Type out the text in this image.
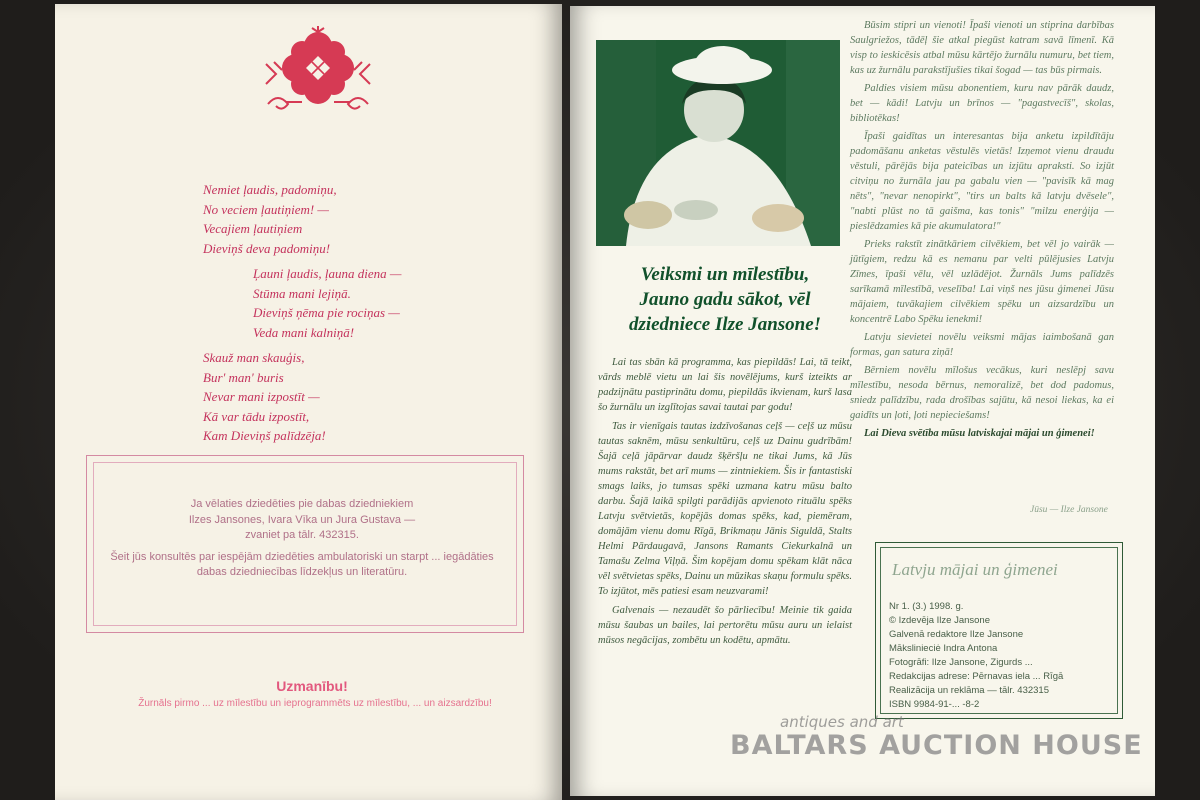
Nemiet ļaudis, padomiņu,
No veciem ļautiņiem! —
Vecajiem ļautiņiem
Dieviņš deva padomiņu!
Ļauni ļaudis, ļauna diena —
Stūma mani lejiņā.
Dieviņš ņēma pie rociņas —
Veda mani kalniņā!
Skauž man skauģis,
Bur' man' buris
Nevar mani izpostīt —
Kā var tādu izpostīt,
Kam Dieviņš palīdzēja!
Ja vēlaties dziedēties pie dabas dziedniekiem
Ilzes Jansones, Ivara Vīka un Jura Gustava —
zvaniet pa tālr. 432315.
Šeit jūs konsultēs par iespējām dziedēties ambulatoriski un starpt ... iegādāties dabas dziedniecības līdzekļus un literatūru.
Uzmanību!
Žurnāls pirmo ... uz mīlestību un ieprogrammēts uz mīlestību, ... un aizsardzību!
Veiksmi un mīlestību,
Jauno gadu sākot, vēl
dziedniece Ilze Jansone!

Lai tas sbān kā programma, kas piepildās! Lai, tā teikt, vārds meblē vietu un lai šis novēlējums, kurš izteikts ar padzijnātu pastiprinātu domu, piepildās ikvienam, kurš lasa šo žurnālu un izglītojas savai tautai par godu!

Tas ir vienīgais tautas izdzīvošanas ceļš — ceļš uz mūsu tautas saknēm, mūsu senkultūru, ceļš uz Dainu gudrībām! Šajā ceļā jāpārvar daudz šķēršļu ne tikai Jums, kā Jūs mums rakstāt, bet arī mums — zintniekiem. Šis ir fantastiski smags laiks, jo tumsas spēki uzmana katru mūsu balto darbu. Šajā laikā spilgti parādijās apvienoto rituālu spēks Latvju svētvietās, kopējās domas spēks, kad, piemēram, domājām vienu domu Rīgā, Brikmaņu Jānis Siguldā, Stalts Helmi Pārdaugavā, Jansons Ramants Ciekurkalnā un Tamašu Zelma Viļņā. Šim kopējam domu spēkam klāt nāca vēl svētvietas spēks, Dainu un mūzikas skaņu formulu spēks. To izjūtot, mēs patiesi esam neuzvarami!

Galvenais — nezaudēt šo pārliecību! Meinie tik gaida mūsu šaubas un bailes, lai pertorētu mūsu auru un ielaist mūsos negācijas, zombētu un kodētu, apmātu.

Būsim stipri un vienoti! Īpaši vienoti un stiprina darbības Saulgriežos, tādēļ šie atkal piegūst katram savā līmenī. Kā visp to ieskicēsis atbal mūsu kārtējo žurnālu numuru, bet tiem, kas uz žurnālu parakstījušies tikai šogad — tas būs pirmais.

Paldies visiem mūsu abonentiem, kuru nav pārāk daudz, bet — kādi! Latvju un brīnos — "pagastvecīš", skolas, bibliotēkas!

Īpaši gaidītas un interesantas bija anketu izpildītāju padomāšanu anketas vēstulēs vietās! Izņemot vienu draudu vēstuli, pārējās bija pateicības un izjūtu apraksti. So izjūt citviņu no žurnāla jau pa gabalu vien — "pavisīk kā mag nēts", "nevar nenopirkt", "tirs un balts kā latvju dvēsele", "nabti plūst no tā gaišma, kas tonis" "milzu enerģija — pieslēdzamies kā pie akumulatora!"

Prieks rakstīt zinātkāriem cilvēkiem, bet vēl jo vairāk — jūtīgiem, redzu kā es nemanu par velti pūlējusies Latvju Zīmes, īpaši vēlu, vēl uzlādējot. Žurnāls Jums palīdzēs sarīkamā mīlestībā, veselība! Lai viņš nes jūsu ģimenei Jūsu mājaiem, tuvākajiem cilvēkiem spēku un aizsardzību un koncentrē Labo Spēku ienekmi!

Latvju sievietei novēlu veiksmi mājas iaimbošanā gan formas, gan satura ziņā!

Bērniem novēlu mīlošus vecākus, kuri neslēpj savu mīlestību, nesoda bērnus, nemoralizē, bet dod padomus, sniedz palīdzību, rada drošības sajūtu, kā nesoi liekas, ka ei gaidīts un ļoti, ļoti nepieciešams!

Lai Dieva svētība mūsu latviskajai mājai un ģimenei!

Jūsu — Ilze Jansone
Latvju mājai un ģimenei
Nr 1. (3.) 1998. g.
© Izdevēja Ilze Jansone
Galvenā redaktore Ilze Jansone
Mākslinieciė Indra Antona
Fotogrāfi: Ilze Jansone, Zigurds ...
Redakcijas adrese: Pērnavas iela ... Rīgā
Realizācija un reklāma — tālr. 432315
ISBN 9984-91-... -8-2
antiques and art
BALTARS AUCTION HOUSE
